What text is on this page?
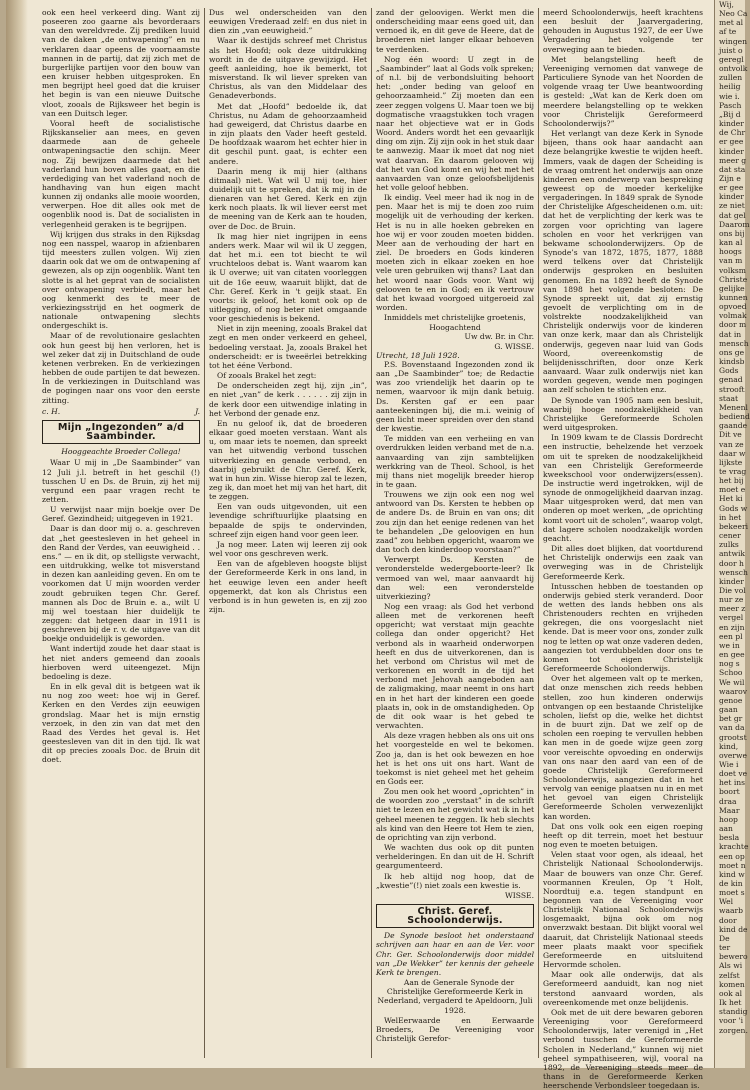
ook een heel verkeerd ding. Want zij poseeren zoo gaarne als bevorderaars van den wereldvrede. Zij prediken luuid van de daken „de ontwapening” en nu verklaren daar opeens de voornaamste mannen in de partij, dat zij zich met de burgerlijke partijen voor den bouw van een kruiser hebben uitgesproken. En men begrijpt heel goed dat die kruiser het begin is van een nieuwe Duitsche vloot, zooals de Rijksweer het begin is van een Duitsch leger.

Vooral heeft de socialistische Rijkskanselier aan mees, en geven daarmede aan de geheele ontwapeningsactie den schijn. Meer nog. Zij bewijzen daarmede dat het vaderland hun boven alles gaat, en die verdediging van het vaderland noch de handhaving van hun eigen macht kunnen zij ondanks alle mooie woorden, verwerpen. Hoe dit alles ook met de oogenblik nood is. Dat de socialisten in verlegenheid geraken is te begrijpen.

Wij krijgen dus straks in den Rijksdag nog een nasspel, waarop in afzienbaren tijd meesters zullen volgen. Wij zien daarin ook dat we om de ontwapening af gewezen, als op zijn oogenblik. Want ten slotte is al het geprat van de socialisten over ontwapening verbiedt, maar het oog kenmerkt des te meer de verkiezingsstrijd en het oogmerk de nationale ontwapening slechts ondergeschikt is.

Maar of de revolutionaire geslachten ook hun geest bij hen verloren, het is wel zeker dat zij in Duitschland de oude ketenen verbreken. En de verkiezingen hebben de oude partijen te dat bewezen. In de verkiezingen in Duitschland was de pogingen naar ons voor den eerste zitting.

c. H.	J.
Mijn „Ingezonden” a/d Saambinder.
Hooggeachte Broeder Collega!

Waar U mij in „De Saambinder” van 12 Juli j.l. betreft in het geschil (!) tusschen U en Ds. de Bruin, zij het mij vergund een paar vragen recht te zetten.

U verwijst naar mijn boekje over De Geref. Gezindheid; uitgegeven in 1921.

Daar is dan door mij o. a. geschreven dat „het geestesleven in het geheel in den Rand der Verdes, van eeuwigheid . . ens.” — en ik dit, op stelligste verwacht, een uitdrukking, welke tot misverstand in dezen kan aanleiding geven. En om te voorkomen dat U mijn woorden verder zoudt gebruiken tegen Chr. Geref. mannen als Doc de Bruin e. a., wilt U mij wel toestaan hier duidelijk te zeggen: dat hetgeen daar in 1911 is geschreven bij de r. v. de uitgave van dit boekje onduidelijk is geworden.

Want indertijd zoude het daar staat is het niet anders gemeend dan zooals hierboven werd uiteengezet. Mijn bedoeling is deze.

En in elk geval dit is betgeen wat ik nu nog zoo weet: hoe wij in Geref. Kerken en den Verdes zijn eeuwigen grondslag. Maar het is mijn ernstig verzoek, in den zin van dat met den Raad des Verdes het geval is. Het geestesleven van dit in den tijd. Ik wat dit op precies zooals Doc. de Bruin dit doet.

Dus wel onderscheiden van den eeuwigen Vrederaad zelf: en dus niet in dien zin „van eeuwigheid.”

Waar ik destijds schreef met Christus als het Hoofd; ook deze uitdrukking wordt in de de uitgave gewijzigd. Het geeft aanleiding, hoe ik bemerkt, tot misverstand. Ik wil liever spreken van Christus, als van den Middelaar des Genadeverbonds.

Met dat „Hoofd” bedoelde ik, dat Christus, nu Adam de gehoorzaamheid had geweigerd, dat Christus daarbe en in zijn plaats den Vader heeft gesteld. De hoofdzaak waarom het echter hier in dit geschil punt. gaat, is echter een andere.

Daarin meng ik mij hier (althans ditmaal) niet. Wat wil U mij toe, hier duidelijk uit te spreken, dat ik mij in de dienaren van het Gered. Kerk en zijn kerk noch plaats. Ik wil liever eerst met de meening van de Kerk aan te houden, over de Doc. de Bruin.

Ik mag hier niet ingrijpen in eens anders werk. Maar wil wil ik U zeggen, dat het m.i. een tot biecht te wil vruchteloos debat is. Want waarom kan ik U overwe; uit van citaten voorleggen uit de 16e eeuw, waaruit blijkt, dat de Chr. Geref. Kerk in 't geijk staat. En voorts: ik geloof, het komt ook op de uitlegging, of nog beter niet omgaande voor geschiedenis is bekend.

Niet in zijn meening, zooals Brakel dat zegt en men onder verkeerd en geheel, bedoeling verstaat. Ja, zooals Brakel het onderscheidt: er is tweeërlei betrekking tot het ééne Verbond.

Of zooals Brakel het zegt:

De onderscheiden zegt hij, zijn „in”, en niet „van” de kerk . . . . . . zij zijn in de kerk door een uitwendige inlating in het Verbond der genade enz.

En nu geloof ik, dat de broederen elkaar goed moeten verstaan. Want als u, om maar iets te noemen, dan spreekt van het uitwendig verbond tusschen uitverkiezing en genade verbond, en daarbij gebruikt de Chr. Geref. Kerk, wat in hun zin. Wisse hierop zal te lezen, zeg ik, dan moet het mij van het hart, dit te zeggen.

Een van ouds uitgevonden, uit een levendige schriftuurlijke plaatsing en bepaalde de spijs te ondervinden, schreef zijn eigen hand voor geen leer.

Ja nog meer. Laten wij leeren zij ook wel voor ons geschreven werk.

Een van de afgebleven hoogste blijst der Gereformeerde Kerk in ons land, in het eeuwige leven een ander heeft opgemerkt, dat kon als Christus een verbond is in hun geweten is, en zij zoo zijn.

zand der geloovigen. Werkt men die onderscheiding maar eens goed uit, dan vernoed ik, en dit geve de Heere, dat de broederen niet langer elkaar behoeven te verdenken.

Nog één woord: U zegt in de „Saambinder” laat al Gods volk spreken; of n.l. bij de verbondsluiting behoort het: „onder beding van geloof en gehoorzaamheid.” Zij moeten dan een zeer zeggen volgens U. Maar toen we bij dogmatische vraagstukken toch vragen naar het objectieve wat er in Gods Woord. Anders wordt het een gevaarlijk ding om zijn. Zij zijn ook in het stuk daar te aanwezig. Maar ik moet dat nog niet wat daarvan. En daarom gelooven wij dat het van God komt en wij het met het aanvaarden van onze geloofsbelijdenis het volle geloof hebben.

Ik eindig. Veel meer had ik nog in de pen. Maar het is mij te doen zoo ruim mogelijk uit de verhouding der kerken. Het is nu in alle hoeken gebreken en hoe wij er voor zouden moeten bidden. Meer aan de verhouding der hart en ziel. De broeders en Gods kinderen moeten zich in elkaar zoeken en hoe vele uren gebruiken wij thans? Laat dan het woord naar Gods voor. Want wij gelooven te en in God; en ik vertrouw dat het kwaad voorgoed uitgeroeid zal worden.

Inmiddels met christelijke groetenis,

Hoogachtend
Uw dw. Br. in Chr.
G. WISSE.
Utrecht, 18 Juli 1928.

P.S. Bovenstaand Ingezonden zond ik aan „De Saambinder” toe; de Redactie was zoo vriendelijk het daarin op te nemen, waarvoor ik mijn dank betuig. Ds. Kersten gaf er een paar aanteekeningen bij, die m.i. weinig of geen licht meer spreiden over den stand der kwestie.

Te midden van een verheiing en van overdrukken leiden verband met de n.a. aanvaarding van zijn sambtelijken werkkring van de Theol. School, is het mij thans niet mogelijk breeder hierop in te gaan.

Trouwens we zijn ook een nog wel antwoord van Ds. Kersten te hebben op de andere Ds. de Bruin en van ons; dit zou zijn dan het eenige redenen van het te behandelen „De geloovigen en hun zaad” zou hebben opgericht, waarom we dan toch den kinderdoop voorstaan?”

Verwerpt Ds. Kersten de veronderstelde wedergeboorte-leer? Ik vermoed van wel, maar aanvaardt hij dan wel: een veronderstelde uitverkiezing?

Nog een vraag: als God het verbond alleen met de verkorenen heeft opgericht; wat verstaat mijn geachte collega dan onder opgericht? Het verbond als in waarheid onderworpen heeft en dus de uitverkorenen, dan is het verbond om Christus wil met de verkorenen en wordt in de tijd het verbond met Jehovah aangeboden aan de zaligmaking, maar neemt in ons hart en in het hart der kinderen een goede plaats in, ook in de omstandigheden. Op de dit ook waar is het gebed te verwachten.

Als deze vragen hebben als ons uit ons het voorgestelde en wel te bekomen. Zoo ja, dan is het ook bewezen en hoe het is het ons uit ons hart. Want de toekomst is niet geheel met het geheim en Gods eer.

Zou men ook het woord „oprichten” in de woorden zoo „verstaat” in de schrift niet te lezen en het gewicht wat ik in het geheel meenen te zeggen. Ik heb slechts als kind van den Heere tot Hem te zien, de oprichting van zijn verbond.

We wachten dus ook op dit punten verhelderingen. En dan uit de H. Schrift geargumenteerd.

Ik heb altijd nog hoop, dat de „kwestie”(!) niet zoals een kwestie is.

WISSE.
Christ. Geref. Schoolonderwijs.

De Synode besloot het onderstaand schrijven aan haar en aan de Ver. voor Chr. Ger. Schoolonderwijs door middel van „De Wekker” ter kennis der geheele Kerk te brengen.

Aan de Generale Synode der Christelijke Gereformeerde Kerk in Nederland, vergaderd te Apeldoorn, Juli 1928.

WelEerwaarde en Eerwaarde Broeders, De Vereeniging voor Christelijk Gerefor-

meerd Schoolonderwijs, heeft krachtens een besluit der Jaarvergadering, gehouden in Augustus 1927, de eer Uwe Vergadering het volgende ter overweging aan te bieden.

Met belangstelling heeft de Vereeniging vernomen dat vanwege de Particuliere Synode van het Noorden de volgende vraag ter Uwe beantwoording is gesteld: „Wat kan de Kerk doen om meerdere belangstelling op te wekken voor Christelijk Gereformeerd Schoolonderwijs?”

Het verlangt van deze Kerk in Synode bijeen, thans ook haar aandacht aan deze belangrijke kwestie te wijden heeft. Immers, vaak de dagen der Scheiding is de vraag omtrent het onderwijs aan onze kinderen een onderwerp van bespreking geweest op de moeder kerkelijke vergaderingen. In 1849 sprak de Synode der Christelijke Afgescheidenen o.m. uit: dat het de verplichting der kerk was te zorgen voor oprichting van lagere scholen en voor het verkrijgen van bekwame schoolonderwijzers. Op de Synode’s van 1872, 1875, 1877, 1888 werd telkens over dat Christelijk onderwijs gesproken en besluiten genomen. En na 1892 heeft de Synode van 1898 het volgende besloten: De Synode spreekt uit, dat zij ernstig gevoelt de verplichting om in de volstrekte noodzakelijkheid van Christelijk onderwijs voor de kinderen van onze kerk, maar dan als Christelijk onderwijs, gegeven naar luid van Gods Woord, overeenkomstig de belijdenisschriften, door onze Kerk aanvaard. Waar zulk onderwijs niet kan worden gegeven, wende men pogingen aan zelf scholen te stichten enz.

De Synode van 1905 nam een besluit, waarbij hooge noodzakelijkheid van Christelijke Gereformeerde Scholen werd uitgesproken.

In 1909 kwam te de Classis Dordrecht een instructie, behelzende het verzoek om uit te spreken de noodzakelijkheid van een Christelijk Gereformeerde kweekschool voor onderwijzers(essen). De instructie werd ingetrokken, wijl de synode de onmogelijkheid daarvan inzag. Maar uitgesproken werd, dat men van onderen op moet werken, „de oprichting komt voort uit de scholen”, waarop volgt, dat lagere scholen noodzakelijk worden geacht.

Dit alles doet blijken, dat voortdurend het Christelijk onderwijs een zaak van overweging was in de Christelijk Gereformeerde Kerk.

Intusschen hebben de toestanden op onderwijs gebied sterk veranderd. Door de wetten des lands hebben ons als Christenouders rechten en vrijheden gekregen, die ons voorgeslacht niet kende. Dat is meer voor ons, zonder zulk nog te letten op wat onze vaderen deden, aangezien tot verdubbelden door ons te komen tot eigen Christelijk Gereformeerde Schoolonderwijs.

Over het algemeen valt op te merken, dat onze menschen zich reeds hebben stellen, zoo hun kinderen onderwijs ontvangen op een bestaande Christelijke scholen, liefst op die, welke het dichtst in de buurt zijn. Dat we zelf op de scholen een roeping te vervullen hebben kan men in de goede wijze geen zorg voor vereischte opvoeding en onderwijs van ons naar den aard van een of de goede Christelijk Gereformeerd Schoolonderwijs, aangezien dat in het vervolg van eenige plaatsen nu in en met het gevoel van eigen Christelijk Gereformeerde Scholen verwezenlijkt kan worden.

Dat ons volk ook een eigen roeping heeft op dit terrein, moet het bestuur nog even te moeten betuigen.

Velen staat voor ogen, als ideaal, het Christelijk Nationaal Schoolonderwijs. Maar de bouwers van onze Chr. Geref. voormannen Kreulen, Op ’t Holt, Noordtuij e.a. tegen standpunt en begonnen van de Vereeniging voor Christelijk Nationaal Schoolonderwijs losgemaakt, bijna ook om nog onverzwakt bestaan. Dit blijkt vooral wel daaruit, dat Christelijk Nationaal steeds meer plaats maakt voor specifiek Gereformeerde en uitsluitend Hervormde scholen.

Maar ook alle onderwijs, dat als Gereformeerd aanduidt, kan nog niet terstond aanvaard worden, als overeenkomende met onze belijdenis.

Ook met de uit dere bewaren geboren Vereeniging voor Gereformeerd Schoolonderwijs, later verenigd in „Het verbond tusschen de Gereformeerde Scholen in Nederland,” kunnen wij niet geheel sympathiseeren, wijl, vooral na 1892, de Vereeniging steeds meer de thans in de Gereformeerde Kerken heerschende Verbondsleer toegedaan is.

Wij,
Neo Ca
met al
af te
wingen
juist o
geregl
ontvolk
zullen
heilig
wie i.
Pasch
„Bij d
kinder
de Chr
er gee
kinder
meer g
dat sta
Zijn e
er gee
kinder
ze niet
dat gel
Daarom
ons bij
kan al
hoogs
van m
volksm
Christe
gelijke
kunnen
opvoed
volmak
door m
dat in
mensch
ons ge
kindsb
Gods
genad
strooft
staat
Menenl
bediend
gaande
Dit ve
van ze
daar w
lijkste
te vrag
het bij
moet e
Het ki
Gods w
in het
bekeeri
cener
zulks
antwik
door h
wensch
kinder
Die vol
nur ze
meer z
vergel
en zijn
een pl
we in
en gee
nog s
Schoo
We wil
waarov
genoe
gaan
bet gr
van da
grootst
kind,
overwe
Wie i
doet ve
het ins
boort
draa
Maar
hoop
aan
besla
krachte
een op
moet n
kind w
de kin
moet s
Wel
waarb
door
kind de
De
ter
bewero
Als wi
zelfst
komen
ook al
Ik het
standig
voor 'i
zorgen.
